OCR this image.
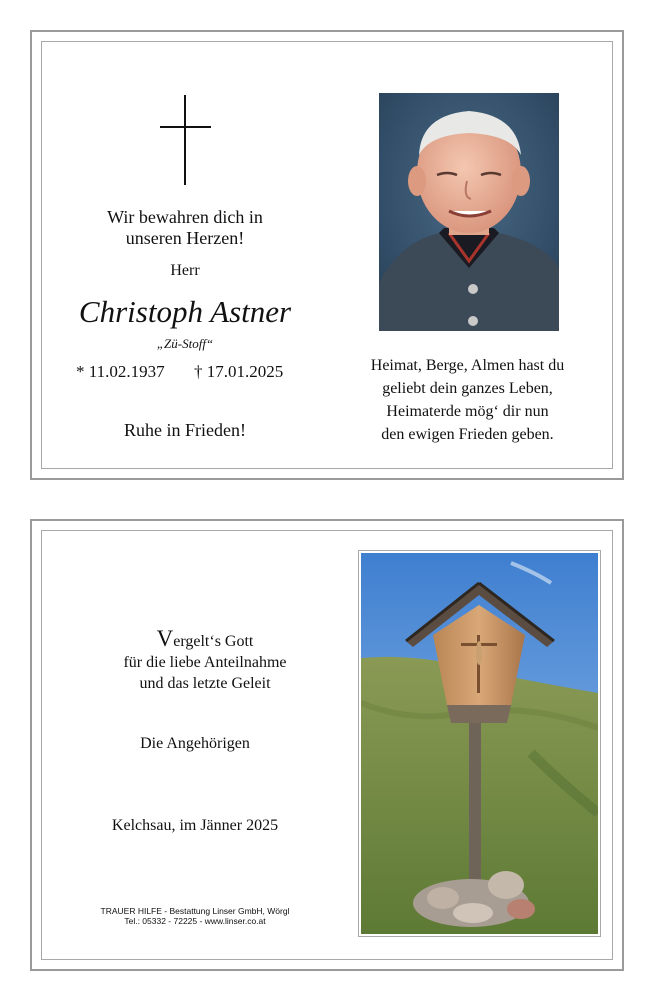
Wir bewahren dich in
unseren Herzen!
Herr
Christoph Astner
„Zü-Stoff“
* 11.02.1937 † 17.01.2025
Ruhe in Frieden!
Heimat, Berge, Almen hast du
geliebt dein ganzes Leben,
Heimaterde mög‘ dir nun
den ewigen Frieden geben.
Vergelt‘s Gott
für die liebe Anteilnahme
und das letzte Geleit
Die Angehörigen
Kelchsau, im Jänner 2025
TRAUER HILFE - Bestattung Linser GmbH, Wörgl
Tel.: 05332 - 72225 - www.linser.co.at
